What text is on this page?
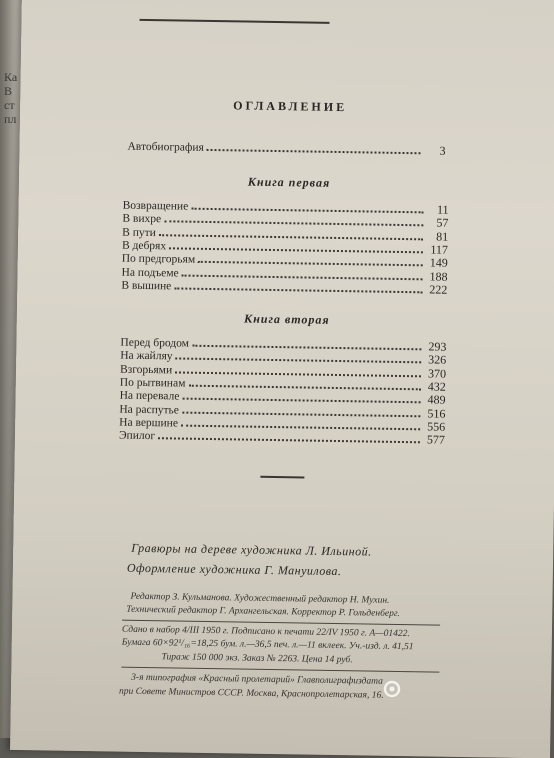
Ка
В
ст
пл
ОГЛАВЛЕНИЕ
Автобиография	3
Книга первая
Возвращение	11
В вихре	57
В пути	81
В дебрях	117
По предгорьям	149
На подъеме	188
В вышине	222
Книга вторая
Перед бродом	293
На жайляу	326
Взгорьями	370
По рытвинам	432
На перевале	489
На распутье	516
На вершине	556
Эпилог	577
Гравюры на дереве художника Л. Ильиной.
Оформление художника Г. Мануилова.
Редактор З. Кульманова. Художественный редактор Н. Мухин.
Технический редактор Г. Архангельская. Корректор Р. Гольденберг.
Сдано в набор 4/III 1950 г. Подписано к печати 22/IV 1950 г. А—01422.
Бумага 60×92¹/₁₆=18,25 бум. л.—36,5 печ. л.—11 вклеек. Уч.-изд. л. 41,51
Тираж 150 000 экз. Заказ № 2263. Цена 14 руб.
3-я типография «Красный пролетарий» Главполиграфиздата
при Совете Министров СССР. Москва, Краснопролетарская, 16.
